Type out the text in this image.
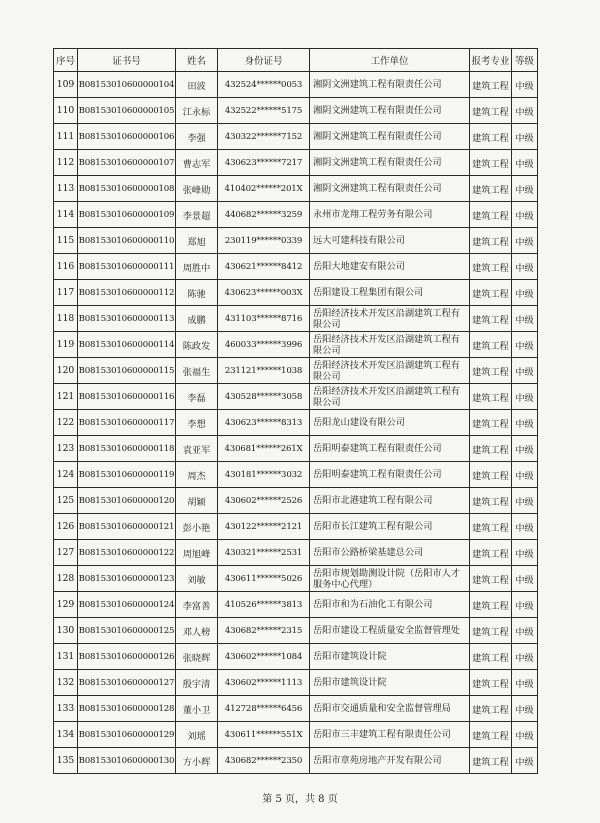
序号	证书号	姓名	身份证号	工作单位	报考专业	等级
109	B08153010600000104	田波	432524******0053	湘阴文洲建筑工程有限责任公司	建筑工程	中级
110	B08153010600000105	江永标	432522******5175	湘阴文洲建筑工程有限责任公司	建筑工程	中级
111	B08153010600000106	李强	430322******7152	湘阴文洲建筑工程有限责任公司	建筑工程	中级
112	B08153010600000107	曹志军	430623******7217	湘阴文洲建筑工程有限责任公司	建筑工程	中级
113	B08153010600000108	张峰勋	410402******201X	湘阴文洲建筑工程有限责任公司	建筑工程	中级
114	B08153010600000109	李景超	440682******3259	永州市龙翔工程劳务有限公司	建筑工程	中级
115	B08153010600000110	郑旭	230119******0339	远大可建科技有限公司	建筑工程	中级
116	B08153010600000111	周胜中	430621******8412	岳阳大地建安有限公司	建筑工程	中级
117	B08153010600000112	陈驰	430623******003X	岳阳建设工程集团有限公司	建筑工程	中级
118	B08153010600000113	成鹏	431103******8716	岳阳经济技术开发区沿湖建筑工程有限公司	建筑工程	中级
119	B08153010600000114	陈政发	460033******3996	岳阳经济技术开发区沿湖建筑工程有限公司	建筑工程	中级
120	B08153010600000115	张福生	231121******1038	岳阳经济技术开发区沿湖建筑工程有限公司	建筑工程	中级
121	B08153010600000116	李磊	430528******3058	岳阳经济技术开发区沿湖建筑工程有限公司	建筑工程	中级
122	B08153010600000117	李想	430623******8313	岳阳龙山建设有限公司	建筑工程	中级
123	B08153010600000118	袁亚军	430681******261X	岳阳明泰建筑工程有限责任公司	建筑工程	中级
124	B08153010600000119	周杰	430181******3032	岳阳明泰建筑工程有限责任公司	建筑工程	中级
125	B08153010600000120	胡颖	430602******2526	岳阳市北港建筑工程有限公司	建筑工程	中级
126	B08153010600000121	彭小艳	430122******2121	岳阳市长江建筑工程有限公司	建筑工程	中级
127	B08153010600000122	周旭峰	430321******2531	岳阳市公路桥梁基建总公司	建筑工程	中级
128	B08153010600000123	刘敏	430611******5026	岳阳市规划勘测设计院（岳阳市人才服务中心代理）	建筑工程	中级
129	B08153010600000124	李富善	410526******3813	岳阳市和为石油化工有限公司	建筑工程	中级
130	B08153010600000125	邓人榜	430682******2315	岳阳市建设工程质量安全监督管理处	建筑工程	中级
131	B08153010600000126	张晓辉	430602******1084	岳阳市建筑设计院	建筑工程	中级
132	B08153010600000127	殷宇清	430602******1113	岳阳市建筑设计院	建筑工程	中级
133	B08153010600000128	董小卫	412728******6456	岳阳市交通质量和安全监督管理局	建筑工程	中级
134	B08153010600000129	刘瑶	430611******551X	岳阳市三丰建筑工程有限责任公司	建筑工程	中级
135	B08153010600000130	方小辉	430682******2350	岳阳市章苑房地产开发有限公司	建筑工程	中级
第 5 页，共 8 页
